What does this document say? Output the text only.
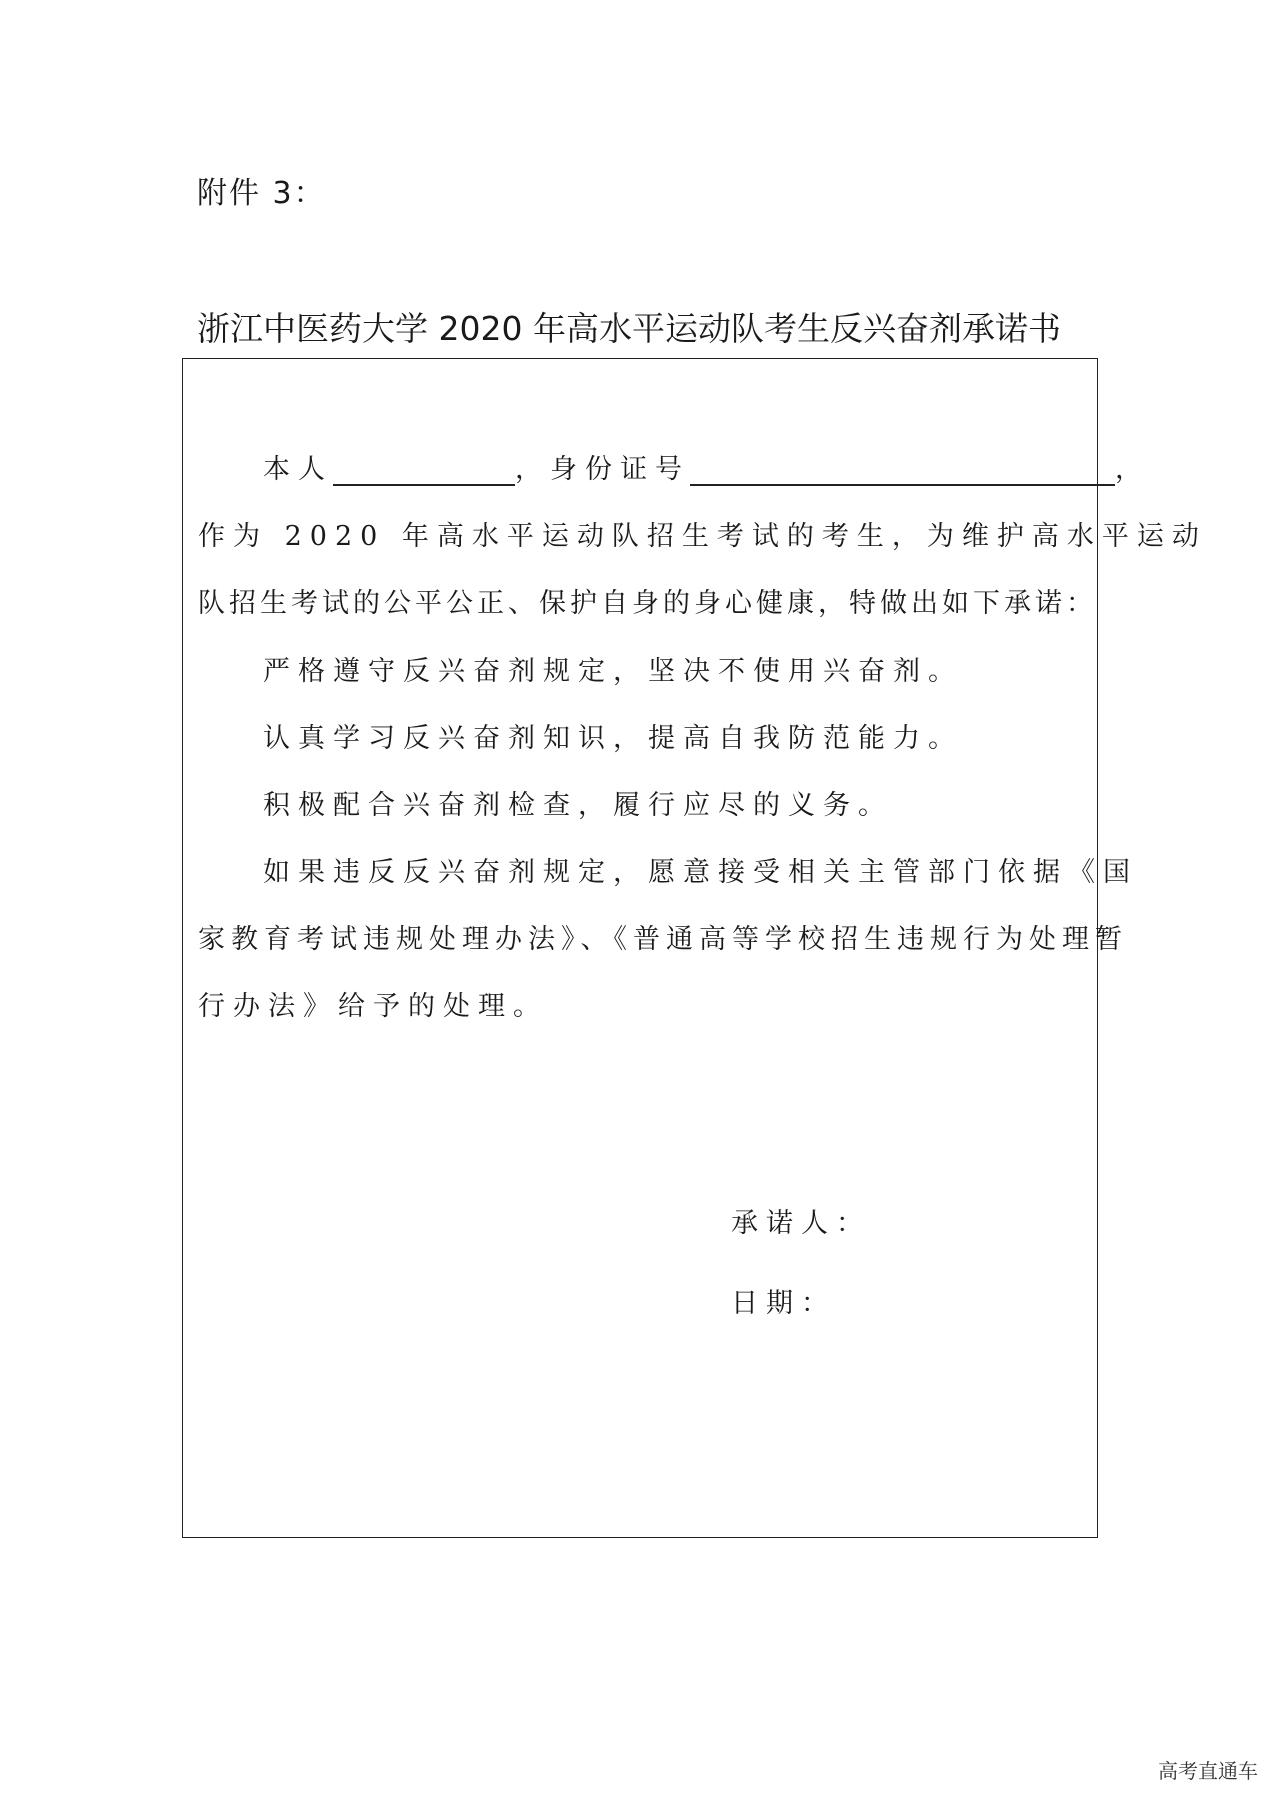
附件 3：
浙江中医药大学 2020 年高水平运动队考生反兴奋剂承诺书
本人	，身份证号	，
作为 2020 年高水平运动队招生考试的考生，为维护高水平运动
队招生考试的公平公正、保护自身的身心健康，特做出如下承诺：
严格遵守反兴奋剂规定，坚决不使用兴奋剂。
认真学习反兴奋剂知识，提高自我防范能力。
积极配合兴奋剂检查，履行应尽的义务。
如果违反反兴奋剂规定，愿意接受相关主管部门依据《国
家教育考试违规处理办法》、《普通高等学校招生违规行为处理暂
行办法》给予的处理。
承诺人：
日期：
高考直通车
